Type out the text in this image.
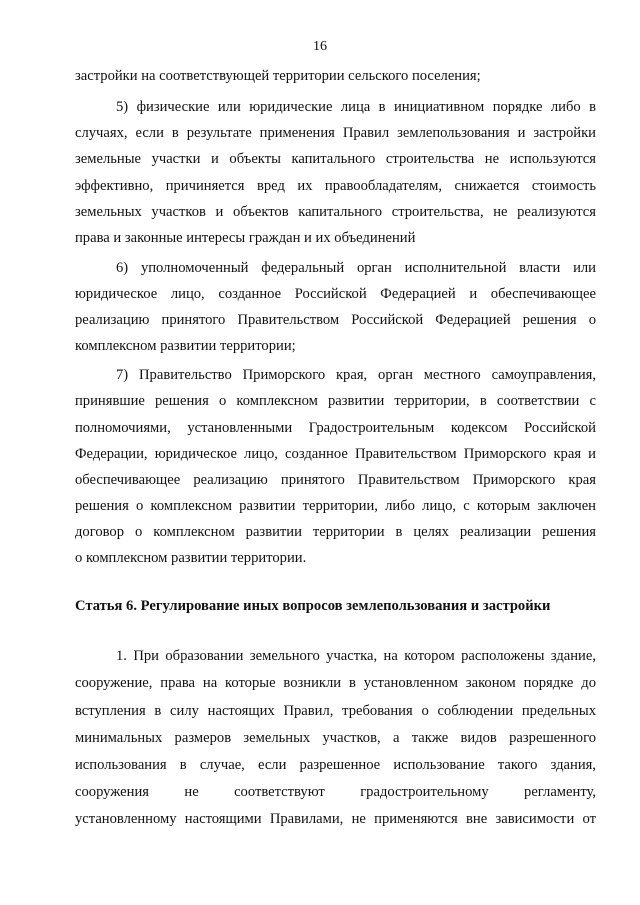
16
застройки на соответствующей территории сельского поселения;
5) физические или юридические лица в инициативном порядке либо в
случаях, если в результате применения Правил землепользования и застройки
земельные участки и объекты капитального строительства не используются
эффективно, причиняется вред их правообладателям, снижается стоимость
земельных участков и объектов капитального строительства, не реализуются
права и законные интересы граждан и их объединений
6) уполномоченный федеральный орган исполнительной власти или
юридическое лицо, созданное Российской Федерацией и обеспечивающее
реализацию принятого Правительством Российской Федерацией решения о
комплексном развитии территории;
7) Правительство Приморского края, орган местного самоуправления,
принявшие решения о комплексном развитии территории, в соответствии с
полномочиями, установленными Градостроительным кодексом Российской
Федерации, юридическое лицо, созданное Правительством Приморского края и
обеспечивающее реализацию принятого Правительством Приморского края
решения о комплексном развитии территории, либо лицо, с которым заключен
договор о комплексном развитии территории в целях реализации решения
о комплексном развитии территории.
Статья 6. Регулирование иных вопросов землепользования и застройки
1. При образовании земельного участка, на котором расположены здание,
сооружение, права на которые возникли в установленном законом порядке до
вступления в силу настоящих Правил, требования о соблюдении предельных
минимальных размеров земельных участков, а также видов разрешенного
использования в случае, если разрешенное использование такого здания,
сооружения не соответствуют градостроительному регламенту,
установленному настоящими Правилами, не применяются вне зависимости от
